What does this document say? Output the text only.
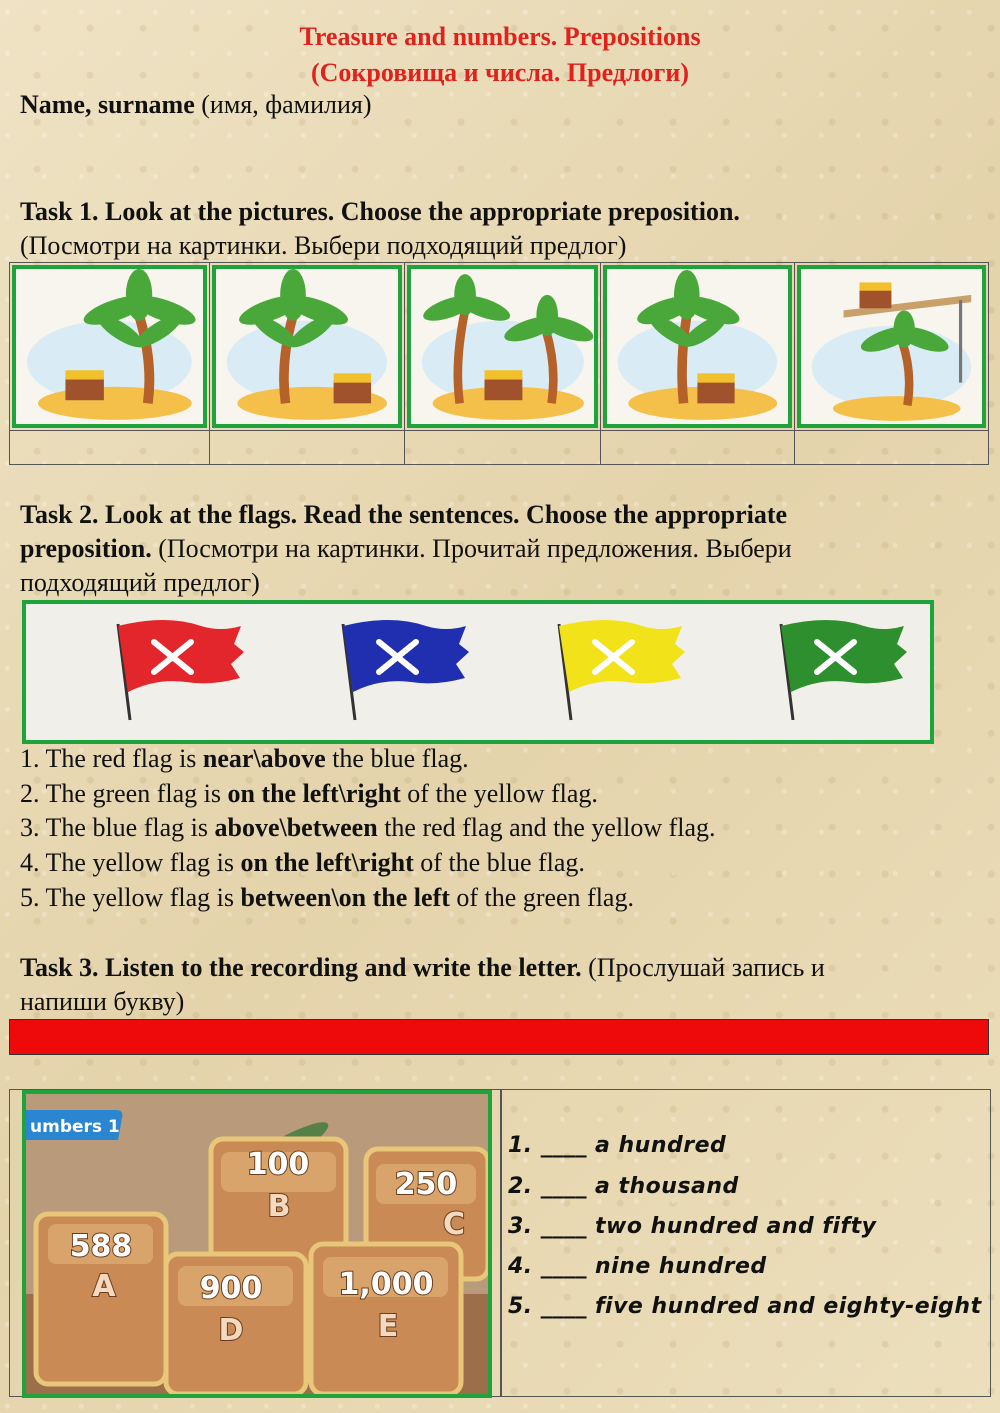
Treasure and numbers. Prepositions
(Сокровища и числа. Предлоги)
Name, surname (имя, фамилия)
Task 1. Look at the pictures. Choose the appropriate preposition.
(Посмотри на картинки. Выбери подходящий предлог)

Task 2. Look at the flags. Read the sentences. Choose the appropriate
preposition. (Посмотри на картинки. Прочитай предложения. Выбери
подходящий предлог)
1. The red flag is near\above the blue flag.
2. The green flag is on the left\right of the yellow flag.
3. The blue flag is above\between the red flag and the yellow flag.
4. The yellow flag is on the left\right of the blue flag.
5. The yellow flag is between\on the left of the green flag.
Task 3. Listen to the recording and write the letter. (Прослушай запись и
напиши букву)
umbers 1
588
A
100
B
250
C
900
D
1,000
E
1. ____ a hundred
2. ____ a thousand
3. ____ two hundred and fifty
4. ____ nine hundred
5. ____ five hundred and eighty-eight
